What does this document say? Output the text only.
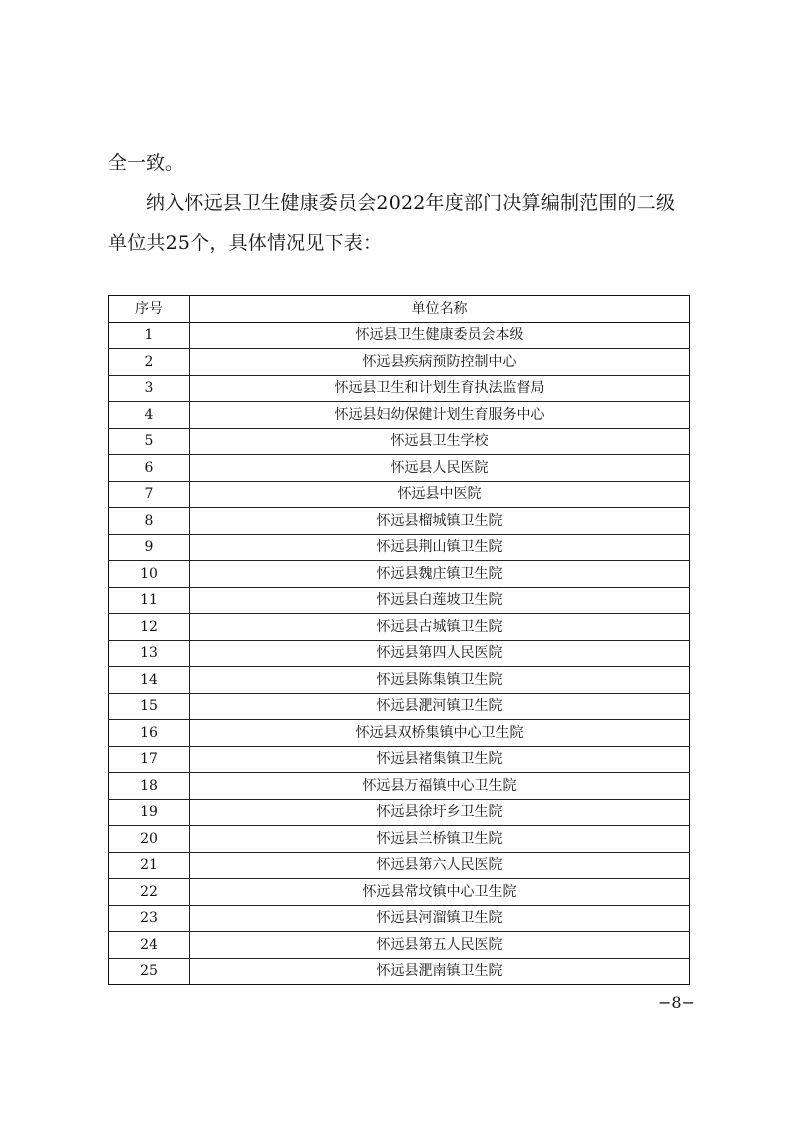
全一致。

纳入怀远县卫生健康委员会2022年度部门决算编制范围的二级单位共25个，具体情况见下表：

序号	单位名称
1	怀远县卫生健康委员会本级
2	怀远县疾病预防控制中心
3	怀远县卫生和计划生育执法监督局
4	怀远县妇幼保健计划生育服务中心
5	怀远县卫生学校
6	怀远县人民医院
7	怀远县中医院
8	怀远县榴城镇卫生院
9	怀远县荆山镇卫生院
10	怀远县魏庄镇卫生院
11	怀远县白莲坡卫生院
12	怀远县古城镇卫生院
13	怀远县第四人民医院
14	怀远县陈集镇卫生院
15	怀远县淝河镇卫生院
16	怀远县双桥集镇中心卫生院
17	怀远县褚集镇卫生院
18	怀远县万福镇中心卫生院
19	怀远县徐圩乡卫生院
20	怀远县兰桥镇卫生院
21	怀远县第六人民医院
22	怀远县常坟镇中心卫生院
23	怀远县河溜镇卫生院
24	怀远县第五人民医院
25	怀远县淝南镇卫生院
−8−
